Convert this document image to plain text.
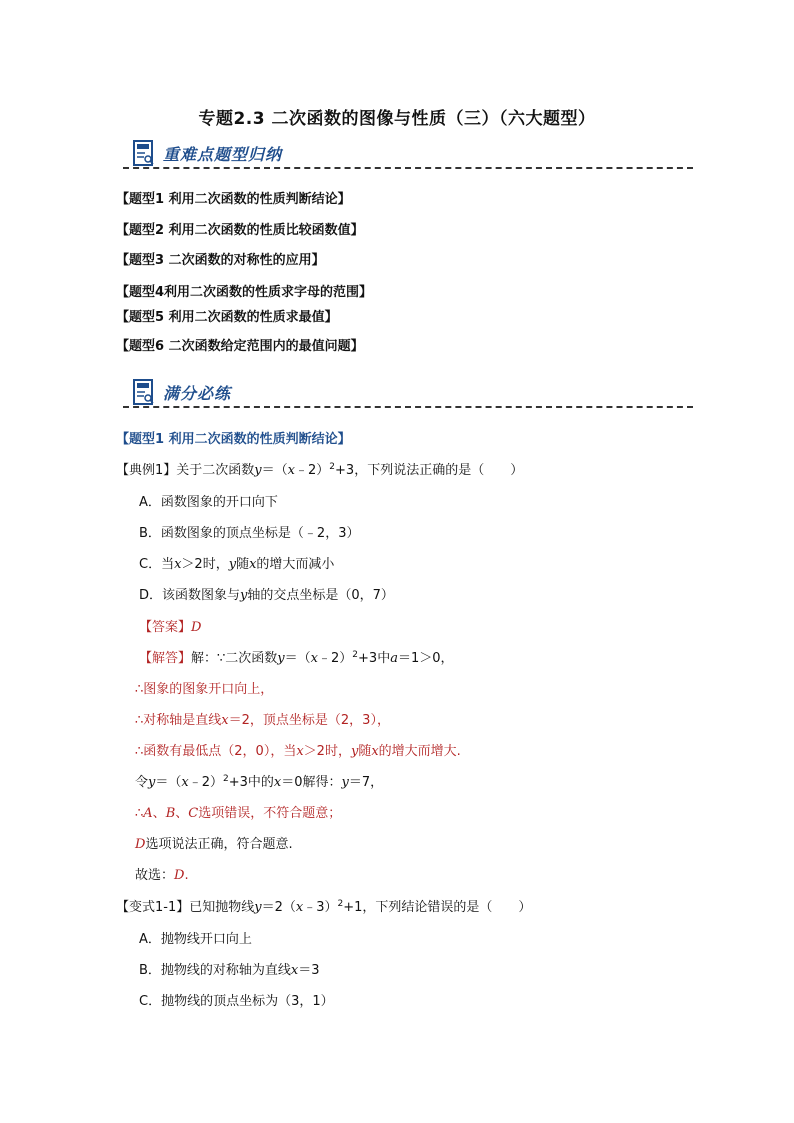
专题2.3 二次函数的图像与性质（三）（六大题型）
重难点题型归纳
【题型1 利用二次函数的性质判断结论】
【题型2 利用二次函数的性质比较函数值】
【题型3 二次函数的对称性的应用】
【题型4利用二次函数的性质求字母的范围】
【题型5 利用二次函数的性质求最值】
【题型6 二次函数给定范围内的最值问题】
满分必练
【题型1 利用二次函数的性质判断结论】
【典例1】关于二次函数y＝（x﹣2）$^2$+3，下列说法正确的是（　　）
A．函数图象的开口向下
B．函数图象的顶点坐标是（﹣2，3）
C．当x＞2时，y随x的增大而减小
D．该函数图象与y轴的交点坐标是（0，7）
【答案】D
【解答】解：∵二次函数y＝（x﹣2）$^2$+3中a＝1＞0，
∴图象的图象开口向上，
∴对称轴是直线x＝2，顶点坐标是（2，3），
∴函数有最低点（2，0），当x＞2时，y随x的增大而增大.
令y＝（x﹣2）$^2$+3中的x＝0解得：y＝7，
∴A、B、C选项错误，不符合题意；
D选项说法正确，符合题意.
故选：D.
【变式1-1】已知抛物线y＝2（x﹣3）$^2$+1，下列结论错误的是（　　）
A．抛物线开口向上
B．抛物线的对称轴为直线x＝3
C．抛物线的顶点坐标为（3，1）
